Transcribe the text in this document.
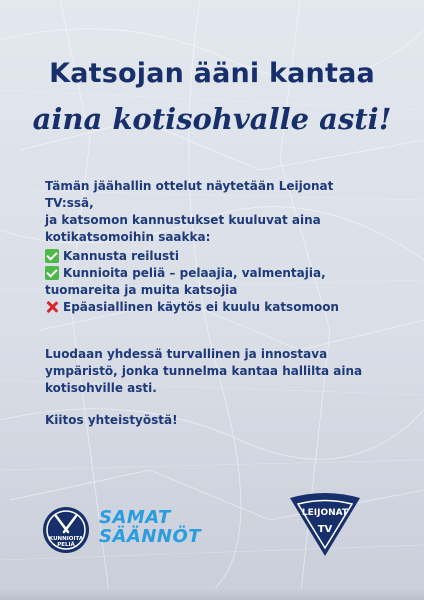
Katsojan ääni kantaa
aina kotisohvalle asti!
Tämän jäähallin ottelut näytetään Leijonat TV:ssä,
ja katsomon kannustukset kuuluvat aina
kotikatsomoihin saakka:
Kannusta reilusti
Kunnioita peliä – pelaajia, valmentajia,
tuomareita ja muita katsojia
Epäasiallinen käytös ei kuulu katsomoon
Luodaan yhdessä turvallinen ja innostava
ympäristö, jonka tunnelma kantaa hallilta aina
kotisohville asti.
Kiitos yhteistyöstä!
KUNNIOITA
PELIÄ
SAMAT
SÄÄNNÖT
LEIJONAT
TV
